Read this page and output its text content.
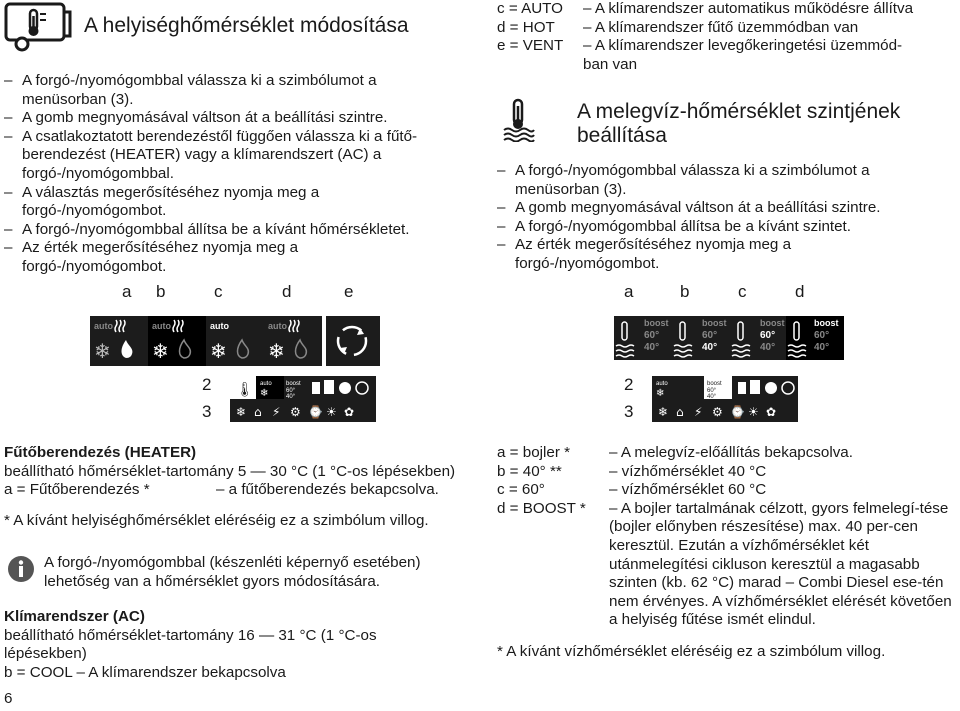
A helyiséghőmérséklet módosítása
– A forgó-/nyomógombbal válassza ki a szimbólumot a menüsorban (3).
– A gomb megnyomásával váltson át a beállítási szintre.
– A csatlakoztatott berendezéstől függően válassza ki a fűtő-berendezést (HEATER) vagy a klímarendszert (AC) a forgó-/nyomógombbal.
– A választás megerősítéséhez nyomja meg a forgó-/nyomógombot.
– A forgó-/nyomógombbal állítsa be a kívánt hőmérsékletet.
– Az érték megerősítéséhez nyomja meg a forgó-/nyomógombot.
a b	c	d	e
auto	auto	auto	auto
❄ ❄ ❄ ❄
2
3
auto boost
60°
40°
🌡 ❄
❄ ⌂ ⚡ ⚙ ⌚ ☀ ✿
Fűtőberendezés (HEATER)
beállítható hőmérséklet-tartomány 5 — 30 °C (1 °C-os lépésekben)
a = Fűtőberendezés *	– a fűtőberendezés bekapcsolva.
* A kívánt helyiséghőmérséklet eléréséig ez a szimbólum villog.
A forgó-/nyomógombbal (készenléti képernyő esetében) lehetőség van a hőmérséklet gyors módosítására.
Klímarendszer (AC)
beállítható hőmérséklet-tartomány 16 — 31 °C (1 °C-os lépésekben)
b = COOL – A klímarendszer bekapcsolva
6
c = AUTO	– A klímarendszer automatikus működésre állítva
d = HOT	– A klímarendszer fűtő üzemmódban van
e = VENT	– A klímarendszer levegőkeringetési üzemmód-ban van
A melegvíz-hőmérséklet szintjének beállítása
– A forgó-/nyomógombbal válassza ki a szimbólumot a menüsorban (3).
– A gomb megnyomásával váltson át a beállítási szintre.
– A forgó-/nyomógombbal állítsa be a kívánt szintet.
– Az érték megerősítéséhez nyomja meg a forgó-/nyomógombot.
a	b	c	d
boost
60°
40°
boost
60°
40°
boost
60°
40°
boost
60°
40°
2
3
auto	boost
60°
40°
❄
❄ ⌂ ⚡ ⚙ ⌚ ☀ ✿
a = bojler *	– A melegvíz-előállítás bekapcsolva.
b = 40° **	– vízhőmérséklet 40 °C
c = 60°	– vízhőmérséklet 60 °C
d = BOOST *	– A bojler tartalmának célzott, gyors felmelegí-tése (bojler előnyben részesítése) max. 40 per-cen keresztül. Ezután a vízhőmérséklet két utánmelegítési cikluson keresztül a magasabb szinten (kb. 62 °C) marad – Combi Diesel ese-tén nem érvényes. A vízhőmérséklet elérését követően a helyiség fűtése ismét elindul.
* A kívánt vízhőmérséklet eléréséig ez a szimbólum villog.
